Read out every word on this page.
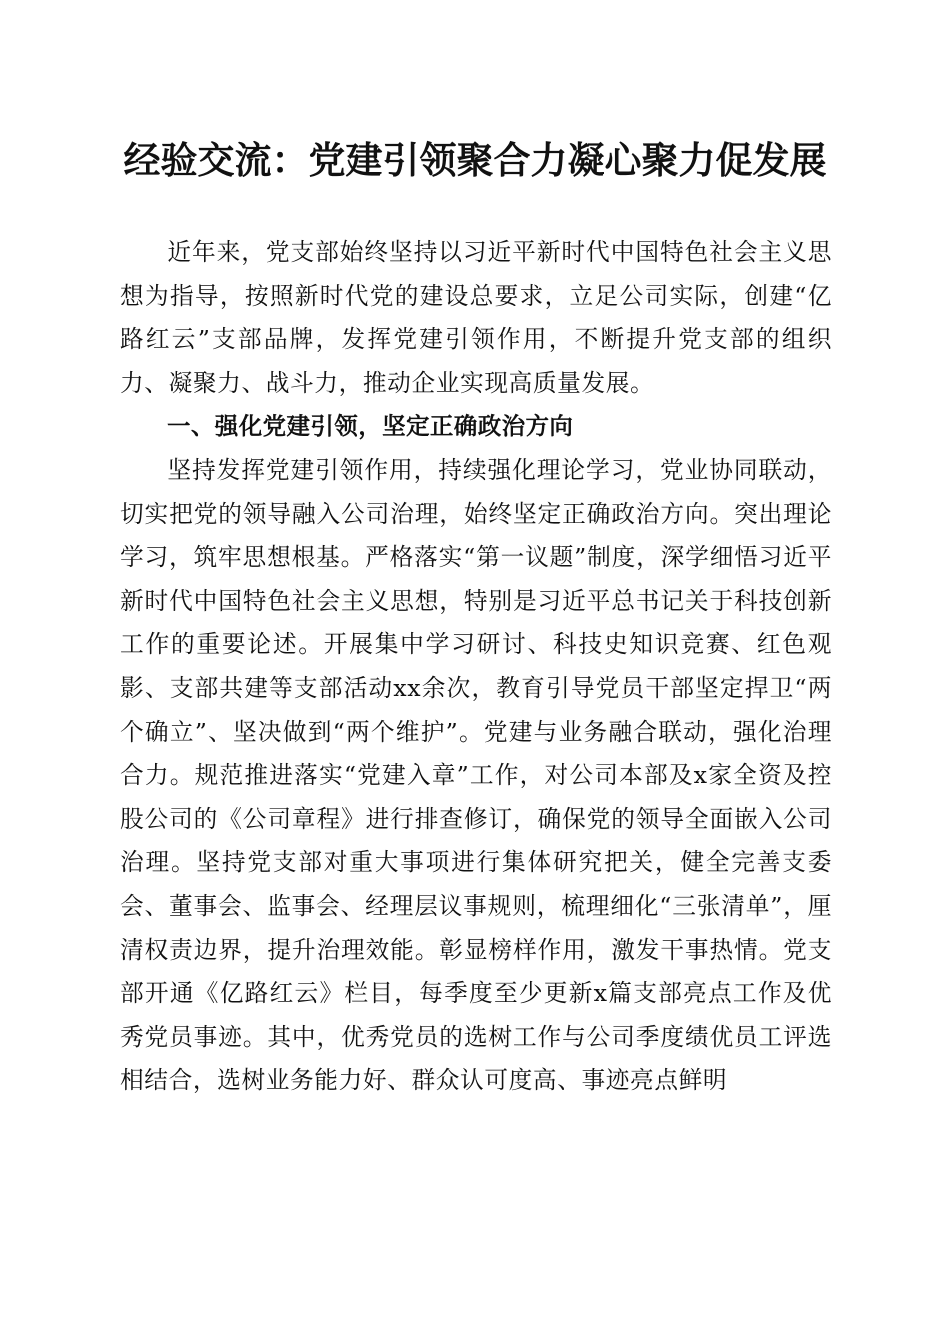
经验交流：党建引领聚合力凝心聚力促发展

近年来，党支部始终坚持以习近平新时代中国特色社会主义思想为指导，按照新时代党的建设总要求，立足公司实际，创建“亿路红云”支部品牌，发挥党建引领作用，不断提升党支部的组织力、凝聚力、战斗力，推动企业实现高质量发展。

一、强化党建引领，坚定正确政治方向

坚持发挥党建引领作用，持续强化理论学习，党业协同联动，切实把党的领导融入公司治理，始终坚定正确政治方向。突出理论学习，筑牢思想根基。严格落实“第一议题”制度，深学细悟习近平新时代中国特色社会主义思想，特别是习近平总书记关于科技创新工作的重要论述。开展集中学习研讨、科技史知识竞赛、红色观影、支部共建等支部活动xx余次，教育引导党员干部坚定捍卫“两个确立”、坚决做到“两个维护”。党建与业务融合联动，强化治理合力。规范推进落实“党建入章”工作，对公司本部及x家全资及控股公司的《公司章程》进行排查修订，确保党的领导全面嵌入公司治理。坚持党支部对重大事项进行集体研究把关，健全完善支委会、董事会、监事会、经理层议事规则，梳理细化“三张清单”，厘清权责边界，提升治理效能。彰显榜样作用，激发干事热情。党支部开通《亿路红云》栏目，每季度至少更新x篇支部亮点工作及优秀党员事迹。其中，优秀党员的选树工作与公司季度绩优员工评选相结合，选树业务能力好、群众认可度高、事迹亮点鲜明
